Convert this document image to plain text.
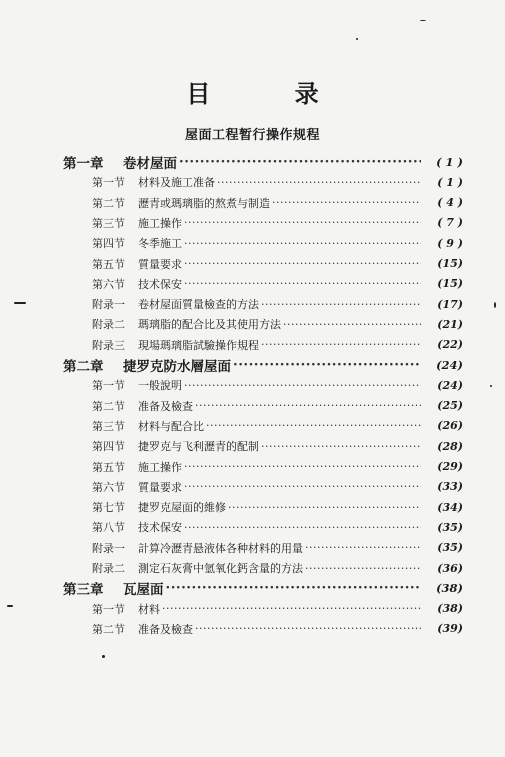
目 录
屋面工程暂行操作规程
第一章	卷材屋面 ·····	( 1 )
第一节	材料及施工准备 ·····	( 1 )
第二节	瀝青或瑪璃脂的熬煮与制造 ·····	( 4 )
第三节	施工操作 ·····	( 7 )
第四节	冬季施工 ·····	( 9 )
第五节	質量要求 ·····	(15)
第六节	技术保安 ·····	(15)
附录一	卷材屋面質量檢查的方法 ·····	(17)
附录二	瑪璃脂的配合比及其使用方法 ·····	(21)
附录三	現場瑪璃脂試驗操作規程 ·····	(22)
第二章	捷罗克防水層屋面 ·····	(24)
第一节	一般說明 ·····	(24)
第二节	准备及檢查 ·····	(25)
第三节	材料与配合比 ·····	(26)
第四节	捷罗克与飞利瀝青的配制 ·····	(28)
第五节	施工操作 ·····	(29)
第六节	質量要求 ·····	(33)
第七节	捷罗克屋面的維修 ·····	(34)
第八节	技术保安 ·····	(35)
附录一	計算冷瀝青悬液体各种材料的用量 ·····	(35)
附录二	測定石灰膏中氫氧化鈣含量的方法 ·····	(36)
第三章	瓦屋面 ·····	(38)
第一节	材料 ·····	(38)
第二节	准备及檢查 ·····	(39)
